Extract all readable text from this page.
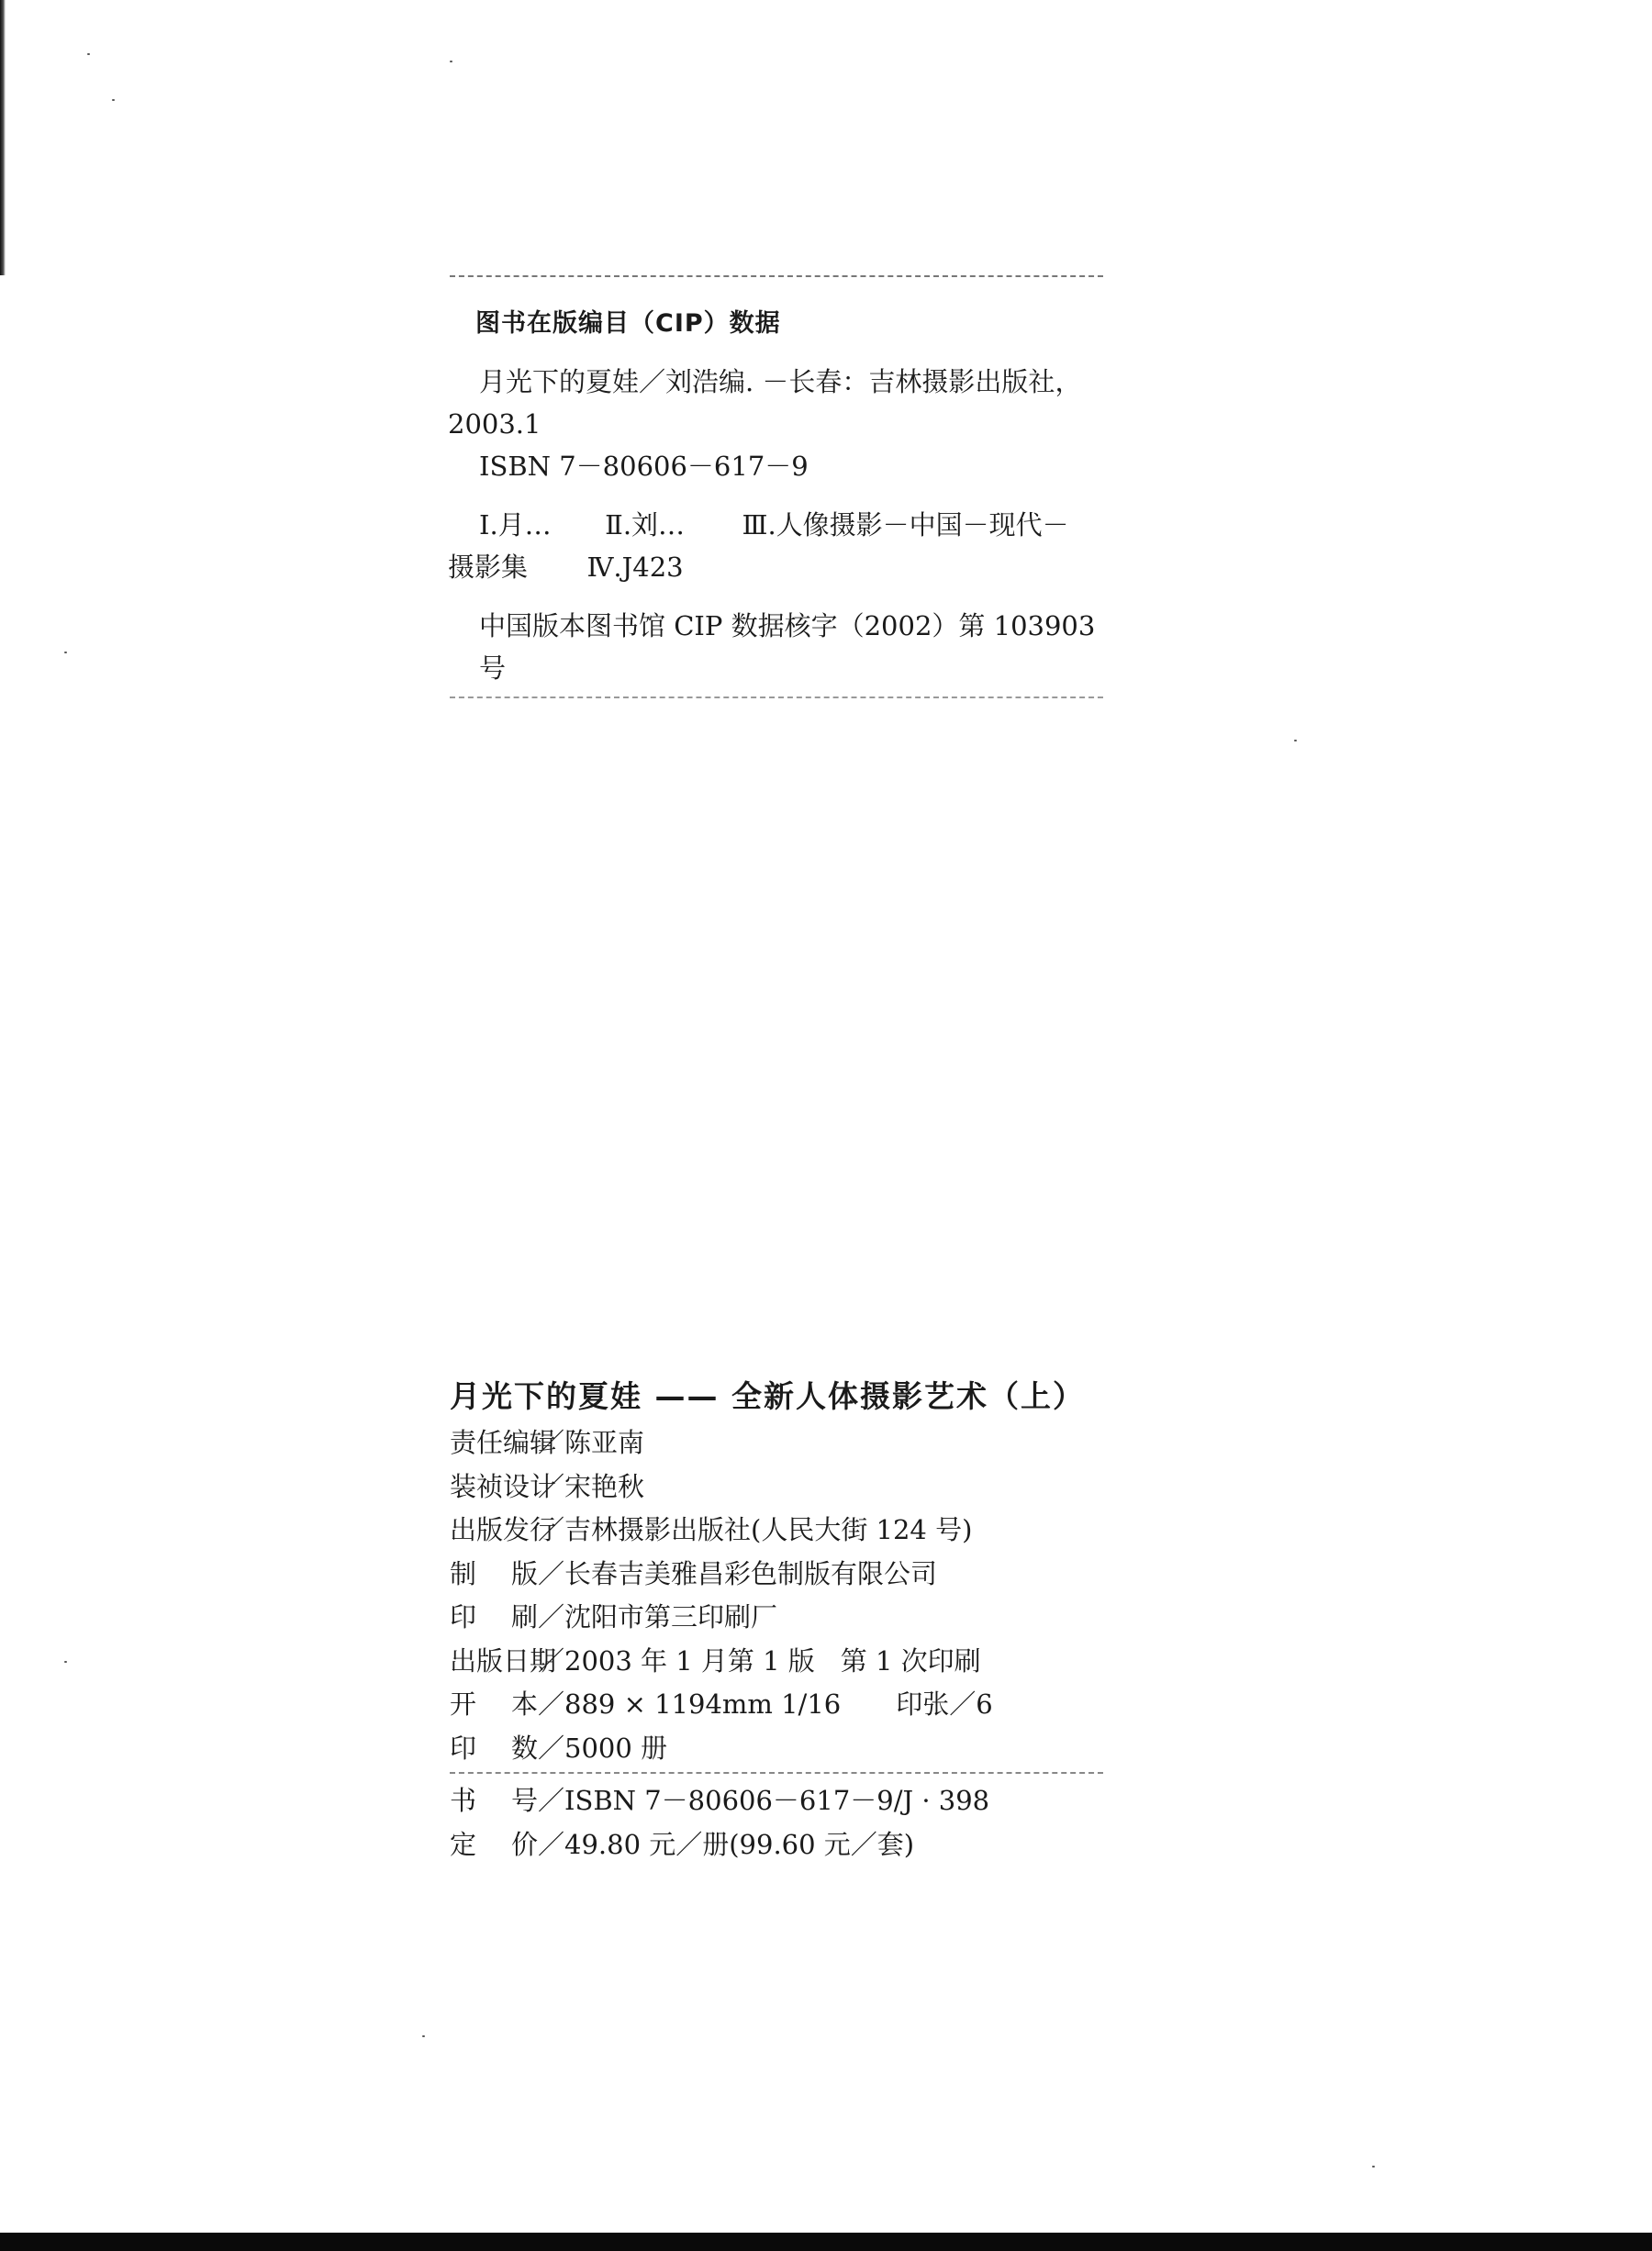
图书在版编目（CIP）数据
月光下的夏娃／刘浩编. －长春：吉林摄影出版社，
2003.1
ISBN 7－80606－617－9
Ⅰ.月… Ⅱ.刘… Ⅲ.人像摄影－中国－现代－
摄影集 Ⅳ.J423
中国版本图书馆 CIP 数据核字（2002）第 103903 号
月光下的夏娃 —— 全新人体摄影艺术（上）
责任编辑
／陈亚南
装祯设计
／宋艳秋
出版发行
／吉林摄影出版社(人民大街 124 号)
制 版 ／长春吉美雅昌彩色制版有限公司
印 刷 ／沈阳市第三印刷厂
出版日期
／2003 年 1 月第 1 版 第 1 次印刷
开 本 ／889 × 1194mm 1/16	印张／6
印 数 ／5000 册
书 号 ／ISBN 7－80606－617－9/J · 398
定 价 ／49.80 元／册(99.60 元／套)
